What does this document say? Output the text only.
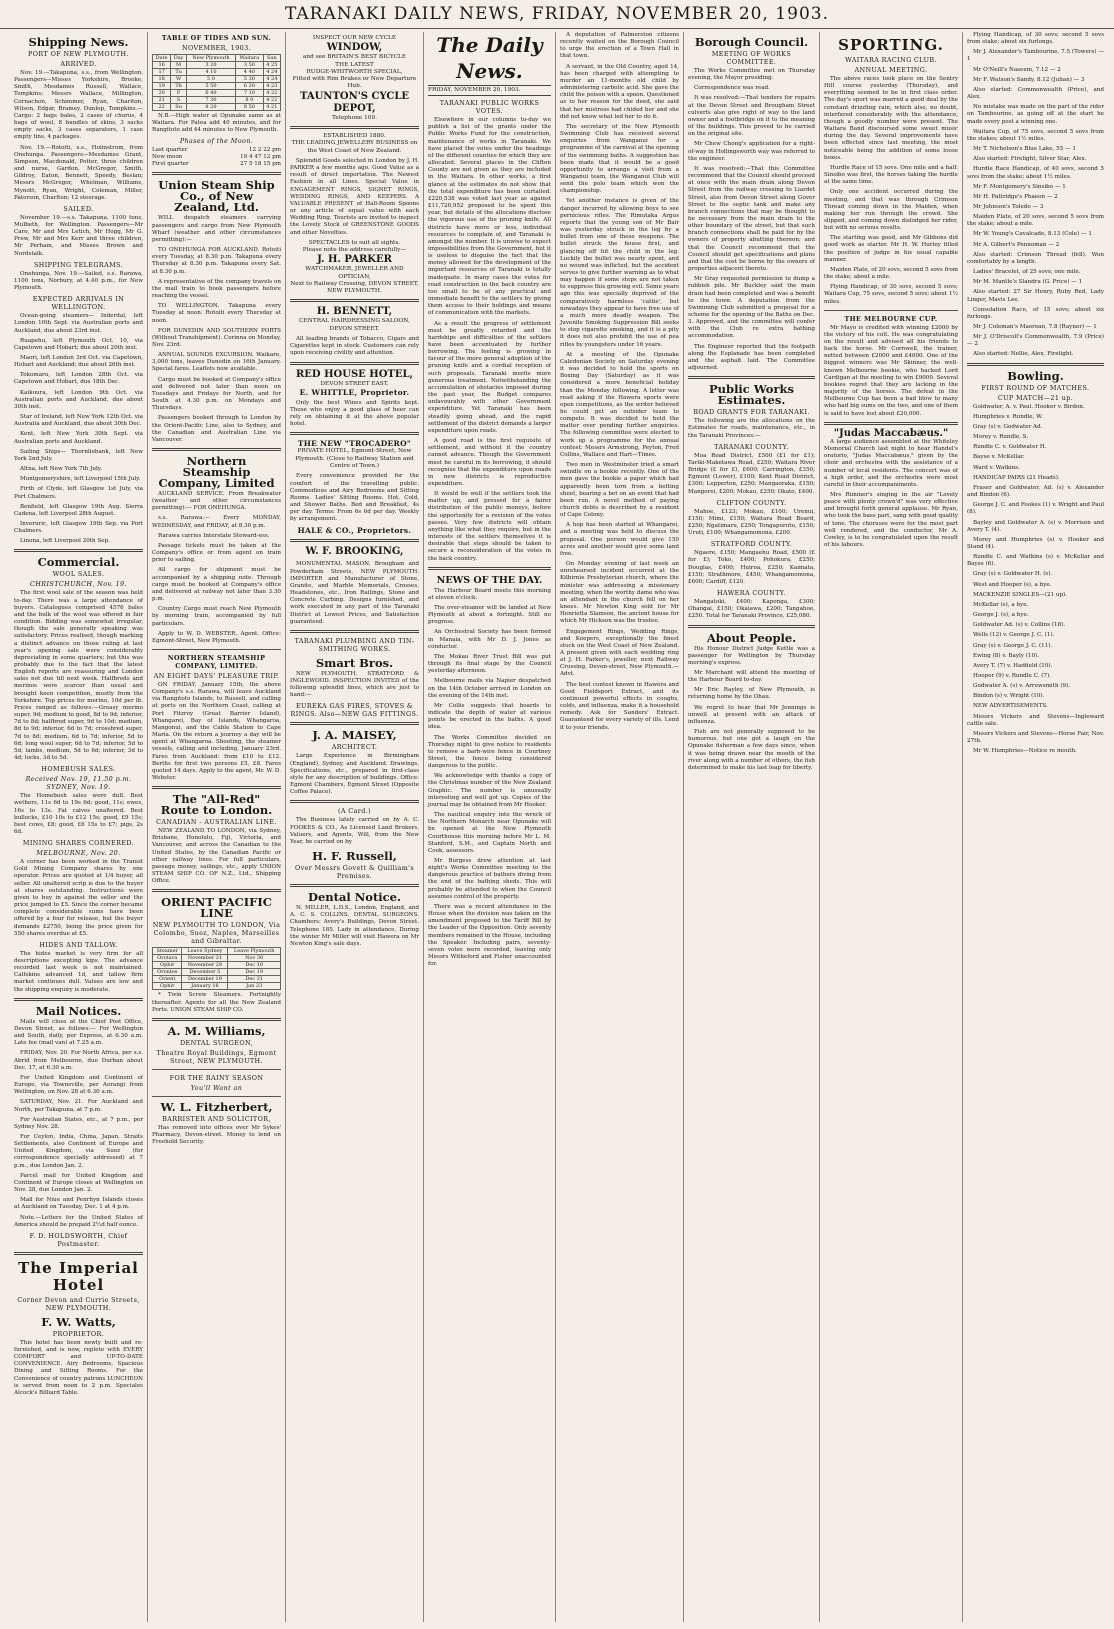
TARANAKI DAILY NEWS, FRIDAY, NOVEMBER 20, 1903.
Shipping News.
PORT OF NEW PLYMOUTH.
ARRIVED.

Nov. 19.—Takapuna, s.s., from Wellington. Passengers—Misses Yorkshire, Brooke, Smith, Mesdames Russell, Wallace, Tompkins; Messrs Wallace, Millington, Cornachon, Schimmer, Ryan, Chariton, Wilson, Edgar, Bramey, Dunlop, Tompkins.—Cargo: 2 bags bales, 2 cases of chorus, 4 bags of wool, 8 bundles of skins, 3 sacks empty sacks, 3 cases separators, 1 case empty tins, 4 packages.

Nov. 19.—Rotoiti, s.s., Holmstrom, from Onehunga. Passengers—Mesdames Grant, Simpson, Macdonald, Potter, three children and nurse, Gardon, McGregor, Smith, Gildroy, Eaton, Bennett, Speedy, Beslan; Messrs McGregor, Whelman, Williams, Mynott, Ryan, Wright, Coleman, Miller, Paterson, Charlton; 12 steerage.

SAILED.

November 19.—s.s. Takapuna, 1100 tons, Mulbeth, for Wellington. Passengers—Mr Caro, Mr and Mrs Letich, Mr Hogg, Mr G. Prew, Mr and Mrs Kerr and three children, Mr Perham, and Misses Brown and Nordstalk.

SHIPPING TELEGRAMS.

Onehunga, Nov. 19.—Sailed, s.s. Rarawa, 1100 tons, Norbury, at 4.40 p.m., for New Plymouth.

EXPECTED ARRIVALS IN WELLINGTON.

Ocean-going steamers— Inderdal, left London 10th Sept. via Australian ports and Auckland, due about 23rd inst.

Ruapehu, left Plymouth Oct. 10, via Capetown and Hobart; due about 20th inst.

Maori, left London 3rd Oct. via Capetown, Hobart and Auckland; due about 26th inst.

Tokomaru, left London 28th Oct. via Capetown and Hobart, due 18th Dec.

Kaikoura, left London 9th Oct. via Australian ports and Auckland, due about 30th inst.

Star of Ireland, left New York 12th Oct. via Australia and Auckland, due about 30th Dec.

Kent, left New York 30th Sept. via Australian ports and Auckland.

Sailing Ships— Thornliebank, left New York 2nd July.

Altna, left New York 7th July.

Montgomeryshire, left Liverpool 15th July.

Firth of Clyde, left Glasgow 1st July, via Port Chalmers.

Benfield, left Glasgow 19th Aug. Sierra Cadena, left Liverpool 28th August.

Inveruric, left Glasgow 19th Sep. via Port Chalmers.

Linona, left Liverpool 20th Sep.

Commercial.
WOOL SALES.
CHRISTCHURCH, Nov. 19.

The first wool sale of the season was held to-day. There was a large attendance of buyers. Catalogues comprised 4576 bales and the bulk of the wool was offered in fair condition. Bidding was somewhat irregular, though the sale generally speaking was satisfactory. Prices realised, though marking a distinct advance on those ruling at last year's opening sale were considerably depreciating in some quarters; but this was probably due to the fact that the latest English reports are reassuring and London sales not due till next week. Halfbreds and merinos were scarcer than usual and brought keen competition, mostly from the Yorkshire. Top prices for merino, 10d per lb. Prices ranged as follows:—Greasy merino super, 9d; medium to good, 8d to 9d; inferior, 7d to 8d; halfbred super, 9d to 10d; medium, 8d to 9d; inferior, 6d to 7d; crossbred super, 7d to 8d; medium, 6d to 7d; inferior, 5d to 6d; long wool super, 6d to 7d; inferior, 5d to 5d; lambs, medium, 5d to 6d; inferior, 3d to 4d; locks, 3d to 5d.

HOMEBUSH SALES.
Received Nov. 19, 11.50 p.m. SYDNEY, Nov. 19.

The Homebush sales were dull. Best wethers, 11s 6d to 19s 6d; good, 11s; ewes, 16s to 13s. Fat calves unaltered. Best bullocks, £10 10s to £12 15s; good, £9 15s; best cows, £8; good, £6 15s to £7; pigs, 2s 6d.

MINING SHARES CORNERED.
MELBOURNE, Nov. 20.

A corner has been worked in the Transit Gold Mining Company shares by one operator. Prices are quoted at 1/4 buyer, all seller. All unaltered scrip is due to the buyer at shares outstanding. Instructions were given to buy in against the seller and the price jumped to £5. Since the corner became complete considerable sums have been offered by a four for release, but the buyer demands £2750, being the price given for 550 shares overdue at £5.

HIDES AND TALLOW.

The hides market is very firm for all descriptions excepting kips. The advance recorded last week is not maintained. Calfskins advanced 1d, and tallow firm market continues dull. Values are low and the shipping enquiry is moderate.

Mail Notices.

Mails will close at the Chief Post Office, Devon Street, as follows:— For Wellington and South, daily, per Express, at 6.30 a.m. Late fee (mail van) at 7.25 a.m.

FRIDAY, Nov. 20. For North Africa, per s.s. Abrid from Melbourne, due Durban about Dec. 17, at 6.30 a.m.

For United Kingdom and Continent of Europe, via Townsville, per Aorangi from Wellington, on Nov. 28 at 6.30 a.m.

SATURDAY, Nov. 21. For Auckland and North, per Takapuna, at 7 p.m.

For Australian States, etc., at 7 p.m., per Sydney Nov. 28.

For Ceylon, India, China, Japan, Straits Settlements, also Continent of Europe and United Kingdom, via Suez (for correspondence specially addressed) at 7 p.m., due London Jan. 2.

Parcel mail for United Kingdom and Continent of Europe closes at Wellington on Nov. 28, due London Jan. 2.

Mail for Niue and Penrhyn Islands closes at Auckland on Tuesday, Dec. 1 at 4 p.m.

Note.—Letters for the United States of America should be prepaid 2½d half ounce.

F. D. HOLDSWORTH, Chief Postmaster.
The Imperial Hotel
Corner Devon and Currie Streets, NEW PLYMOUTH.
F. W. Watts,
PROPRIETOR.

This hotel has been newly built and re-furnished, and is now, replete with EVERY COMFORT and UP-TO-DATE CONVENIENCE. Airy Bedrooms, Spacious Dining and Sitting Rooms. For the Convenience of country patrons LUNCHEON is served from noon to 2 p.m. Speciales Alcock's Billiard Table.

TABLE OF TIDES AND SUN.
NOVEMBER, 1903.
Date	Day	New Plymouth	Waitara	Sun
16	M	3 20	3 50	4 25
17	Tu	4 10	4 40	4 24
18	W	5 0	5 30	4 24
19	Th	5 50	6 20	4 23
20	F	6 40	7 10	4 22
21	S	7 30	8 0	4 22
22	Su	8 20	8 50	4 21

N.B.—High water at Opunake same as at Waitara. For Patea add 40 minutes, and for Rangitoto add 44 minutes to New Plymouth.

Phases of the Moon.
Last quarter	12 2 22 pm
New moon	19 4 47 12 pm
First quarter	27 5 18 15 pm
Union Steam Ship Co., of New Zealand, Ltd.

WILL despatch steamers carrying passengers and cargo from New Plymouth Wharf (weather and other circumstances permitting):—

TO ONEHUNGA FOR AUCKLAND. Rotoiti every Tuesday, at 8.30 p.m. Takapuna every Thursday at 8.30 p.m. Takapuna every Sat. at 8.30 p.m.

A representative of the company travels on the mail train to book passengers before reaching the vessel.

TO WELLINGTON. Takapuna every Tuesday at noon. Rotoiti every Thursday at noon.

FOR DUNEDIN AND SOUTHERN PORTS (Without Transhipment). Corinna on Monday, Nov. 23rd.

ANNUAL SOUNDS EXCURSION. Waikare, 3,000 tons, leaves Dunedin on 16th January. Special fares. Leaflets now available.

Cargo must be booked at Company's office and delivered not later than noon on Tuesdays and Fridays for North, and for South at 4.30 p.m. on Mondays and Thursdays.

Passengers booked through to London by the Orient-Pacific Line, also to Sydney, and the Canadian and Australian Line via Vancouver.

Northern Steamship Company, Limited

AUCKLAND SERVICE. From Breakwater (weather and other circumstances permitting):— FOR ONEHUNGA.

s.s. Rarawa.— Every MONDAY, WEDNESDAY, and FRIDAY, at 8.30 p.m.

Rarawa carries Interstate Steward-ess.

Passage tickets must be taken at the Company's office or from agent on train prior to sailing.

All cargo for shipment must be accompanied by a shipping note. Through cargo must be booked at Company's office and delivered at railway not later than 3.30 p.m.

Country Cargo must reach New Plymouth by morning train, accompanied by full particulars.

Apply to W. D. WEBSTER, Agent. Office: Egmont-Street, New Plymouth.

NORTHERN STEAMSHIP COMPANY, LIMITED.
AN EIGHT DAYS' PLEASURE TRIP.

ON FRIDAY, January 15th, the above Company's s.s. Rarawa, will leave Auckland via Rangitoto Islands, to Russell, and calling at ports on the Northern Coast, calling at Port Fitzroy (Great Barrier Island), Whangarei, Bay of Islands, Whangaroa, Mangonui, and the Cable Station to Cape Maria. On the return a journey a day will be spent at Whangaroa. Shooting, the steamer vessels, calling and including, January 23rd. Fares from Auckland: from £10 to £12. Berths for first two persons £5, £8. Fares quoted 14 days. Apply to the agent, Mr. W. D. Webster.

The "All-Red" Route to London.
CANADIAN - AUSTRALIAN LINE.

NEW ZEALAND TO LONDON, via Sydney, Brisbane, Honolulu, Fiji, Victoria, and Vancouver, and across the Canadian to the United States, by the Canadian Pacific or other railway lines. For full particulars, passage money, sailings, etc., apply UNION STEAM SHIP CO. OF N.Z., Ltd., Shipping Office.

ORIENT PACIFIC LINE
NEW PLYMOUTH TO LONDON, Via Colombo, Suez, Naples, Marseilles and Gibraltar.
Steamer	Leave Sydney	Leave Plymouth
Orotava	November 21	Nov 30
Ophir	November 28	Dec 10
Orontes	December 5	Dec 19
Orient	December 19	Dec 31
Ophir	January 16	Jan 23

* Twin Screw Steamers. Fortnightly thereafter. Agents for all the New Zealand Ports. UNION STEAM SHIP CO.

A. M. Williams,
DENTAL SURGEON,
Theatre Royal Buildings, Egmont Street, NEW PLYMOUTH.
FOR THE RAINY SEASON
You'll Want an
W. L. Fitzherbert,
BARRISTER AND SOLICITOR,

Has removed into offices over Mr Sykes' Pharmacy, Devon-street. Money to lend on Freehold Security.

INSPECT OUR NEW CYCLE
WINDOW,
and see BRITAIN'S BEST BICYCLE
THE LATEST
RUDGE-WHITWORTH SPECIAL,
Fitted with Rim Brakes or New Departure Hub.
TAUNTON'S CYCLE DEPOT,
Telephone 109.
ESTABLISHED 1880.
THE LEADING JEWELLERY BUSINESS on the West Coast of New Zealand.

Splendid Goods selected in London by J. H. PARKER a few months ago. Good Value as a result of direct importation. The Newest Fashion in all Lines. Special Value in ENGAGEMENT RINGS, SIGNET RINGS, WEDDING RINGS, AND KEEPERS. A VALUABLE PRESENT of Hall-Room Spoons or any article of equal value with each Wedding Ring. Tourists are invited to inspect the Lovely Stock of GREENSTONE GOODS and other Novelties.

SPECTACLES to suit all sights.
Please note the address carefully—
J. H. PARKER
WATCHMAKER, JEWELLER AND OPTICIAN,
Next to Railway Crossing, DEVON STREET, NEW PLYMOUTH.
H. BENNETT,
CENTRAL HAIRDRESSING SALOON, DEVON STREET.

All leading brands of Tobacco, Cigars and Cigarettes kept in stock. Customers can rely upon receiving civility and attention.

RED HOUSE HOTEL,
DEVON STREET EAST.
E. WHITTLE, Proprietor.

Only the best Wines and Spirits kept. Those who enjoy a good glass of beer can rely on obtaining it at the above popular hotel.

THE NEW "TROCADERO"
PRIVATE HOTEL, Egmont-Street, New Plymouth. (Close to Railway Station and Centre of Town.)

Every convenience provided for the comfort of the travelling public. Commodious and Airy Bedrooms and Sitting Rooms. Ladies' Sitting Rooms. Hot, Cold, and Shower Baths. Bed and Breakfast, 4s per day. Terms: From 6s 6d per day. Weekly by arrangement.

HALE & CO., Proprietors.
W. F. BROOKING,

MONUMENTAL MASON, Brougham and Powderham Streets, NEW PLYMOUTH. IMPORTER and Manufacturer of Stone, Granite, and Marble Memorials, Crosses, Headstones, etc., Iron Railings, Stone and Concrete Curbing. Designs furnished, and work executed in any part of the Taranaki District at Lowest Prices, and Satisfaction guaranteed.

TARANAKI PLUMBING AND TIN-SMITHING WORKS.
Smart Bros.

NEW PLYMOUTH, STRATFORD & INGLEWOOD. INSPECTION INVITED of the following splendid lines, which are just to hand:—

EUREKA GAS FIRES, STOVES & RINGS. Also—NEW GAS FITTINGS.
J. A. MAISEY,
ARCHITECT.

Large Experience in Birmingham (England), Sydney, and Auckland. Drawings, Specifications, etc., prepared in first-class style for any description of buildings. Office: Egmont Chambers, Egmont Street (Opposite Coffee Palace).

(A Card.)

The Business lately carried on by A. C. FOOKES & CO., As Licensed Land Brokers, Valuers, and Agents, Will, from the New Year, be carried on by

H. F. Russell,
Over Messrs Govett & Quilliam's Premises.
Dental Notice.

N. MILLER, L.D.S., London, England, and A. C. S. COLLINS, DENTAL SURGEONS. Chambers: Avery's Buildings, Devon Street. Telephone 185. Lady in attendance. During the winter Mr Miller will visit Hawera on Mr Newton King's sale days.

The Daily News.
FRIDAY, NOVEMBER 20, 1903.
TARANAKI PUBLIC WORKS VOTES.

Elsewhere in our columns to-day we publish a list of the grants under the Public Works Fund for the construction, maintenance of works in Taranaki. We have placed the votes under the headings of the different counties for which they are allocated. Several places in the Clifton County are not given as they are included in the Waitara. In other works, a first glance at the estimates do not show that the total expenditure has been curtailed. £220,538 was voted last year as against £11,720,952 proposed to be spent this year, but details of the allocations disclose the vigorous use of the pruning knife. All districts have more or less, individual resources to complain of, and Taranaki is amongst the number. It is unwise to expect impossibilities from the Government, but it is useless to disguise the fact that the money allowed for the development of the important resources of Taranaki is totally inadequate. In many cases the votes for road construction in the back country are too small to be of any practical and immediate benefit to the settlers by giving them access to their holdings and means of communication with the markets.

As a result the progress of settlement must be greatly retarded and the hardships and difficulties of the settlers have been accentuated by further borrowing. The feeling is growing in favour of the more general adoption of the pruning knife and a cordial reception of such proposals. Taranaki merits more generous treatment. Notwithstanding the accumulation of obstacles imposed during the past year, the Budget compares unfavourably with other Government expenditure. Yet Taranaki has been steadily going ahead, and the rapid settlement of the district demands a larger expenditure upon roads.

A good road is the first requisite of settlement, and without it the country cannot advance. Though the Government must be careful in its borrowing, it should recognise that the expenditure upon roads in new districts is reproductive expenditure.

It would be well if the settlers took the matter up, and pressed for a fairer distribution of the public moneys, before the opportunity for a revision of the votes passes. Very few districts will obtain anything like what they require, but in the interests of the settlers themselves it is desirable that steps should be taken to secure a reconsideration of the votes in the back country.

NEWS OF THE DAY.

The Harbour Board meets this morning at eleven o'clock.

The over-steamer will be landed at New Plymouth at about a fortnight. Still no progress.

An Orchestral Society has been formed in Manaia, with Mr D. J. Jones as conductor.

The Mokau River Trust Bill was put through its final stage by the Council yesterday afternoon.

Melbourne mails via Napier despatched on the 14th October arrived in London on the evening of the 14th inst.

Mr Collis suggests that boards to indicate the depth of water at various points be erected in the baths. A good idea.

The Works Committee decided on Thursday night to give notice to residents to remove a barb-wire fence in Courtney Street, the fence being considered dangerous to the public.

We acknowledge with thanks a copy of the Christmas number of the New Zealand Graphic. The number is unusually interesting and well got up. Copies of the journal may be obtained from Mr Hooker.

The nautical enquiry into the wreck of the Northern Monarch near Opunake will be opened at the New Plymouth Courthouse this morning before Mr L. M. Stanford, S.M., and Captain North and Cook, assessors.

Mr Burgess drew attention at last night's Works Committee meeting to the dangerous practice of bathers diving from the end of the bathing sheds. This will probably be attended to when the Council assumes control of the property.

There was a record attendance in the House when the division was taken on the amendment proposed to the Tariff Bill by the Leader of the Opposition. Only seventy members remained in the House, including the Speaker. Including pairs, seventy-seven votes were recorded, leaving only Messrs Witheford and Fisher unaccounted for.

A deputation of Palmerston citizens recently waited on the Borough Council to urge the erection of a Town Hall in that town.

A servant, in the Old Country, aged 14, has been charged with attempting to murder an 11-months old child by administering carbolic acid. She gave the child the poison with a spoon. Questioned as to her reason for the deed, she said that her mistress had chided her and she did not know what led her to do it.

The secretary of the New Plymouth Swimming Club has received several enquiries from Wanganui for a programme of the carnival at the opening of the swimming baths. A suggestion has been made that it would be a good opportunity to arrange a visit from a Wanganui team, the Wanganui Club will send the polo team which won the championship.

Yet another instance is given of the danger incurred by allowing boys to see pernicious rifles. The Rimutaka Argus reports that the young son of Mr Bair was yesterday struck in the leg by a bullet from one of these weapons. The bullet struck the house first, and glancing off hit the child in the leg. Luckily the bullet was nearly spent, and no wound was inflicted, but the accident serves to give further warning as to what may happen if some steps are not taken to suppress this growing evil. Some years ago this was specially deprived of the comparatively harmless 'cattie', but nowadays they appear to have free use of a much more deadly weapon. The Juvenile Smoking Suppression Bill seeks to stop cigarette smoking, and it is a pity it does not also prohibit the use of pea rifles by youngsters under 16 years.

At a meeting of the Opunake Caledonian Society on Saturday evening it was decided to hold the sports on Boxing Day (Saturday) as it was considered a more beneficial holiday than the Monday following. A letter was read asking if the Hawera sports were open competitions, as the writer believed he could get an outsider team to compete. It was decided to hold the matter over pending further enquiries. The following committee were elected to work up a programme for the annual contest: Messrs Armstrong, Peyton, Fred Collins, Wallace and Hart—Times.

Two men in Westminster tried a smart swindle on a bookie recently. One of the men gave the bookie a paper which had apparently been torn from a betting sheet, bearing a bet on an event that had been run. A novel method of paying church debts is described by a resident of Cape Colony.

A hop has been started at Whangarei, and a meeting was held to discuss the proposal. One person would give 150 acres and another would give some land free.

On Monday evening of last week an unrehearsed incident occurred at the Kilbirnie Presbyterian church, where the minister was addressing a missionary meeting, when the worthy dame who was an attendant in the church fell on her knees. Mr Newton King sold for Mr Henrietta Slamson, the ancient house for which Mr Hickson was the trustee.

Engagement Rings, Wedding Rings, and Keepers, exceptionally the finest stock on the West Coast of New Zealand. A present given with each wedding ring at J. H. Parker's, jeweller, next Railway Crossing, Devon-street, New Plymouth.—Advt.

The best contest known in Hawera and Good Fieldsport Extract, and its continued powerful effects in coughs, colds, and influenza, make it a household remedy. Ask for Sanders' Extract. Guaranteed for every variety of ills. Lend it to your friends.

Borough Council.
MEETING OF WORKS COMMITTEE.

The Works Committee met on Thursday evening, the Mayor presiding.

Correspondence was read.

It was resolved:—That tenders for repairs at the Devon Street and Brougham Street culverts also give right of way to the land owner and a footbridge on it to the meaning of the buildings. This proved to be carried on the original site.

Mr Chew Chong's application for a right-of-way in Hollingsworth way was referred to the engineer.

It was resolved:—That this Committee recommend that the Council should proceed at once with the main drain along Devon Street from the railway crossing to Liardet Street, also from Devon Street along Gover Street to the septic tank and make any branch connections that may be thought to be necessary from the main drain to the other boundary of the street, but that such branch connections shall be paid for by the owners of property abutting thereon; and that the Council recommend that the Council should get specifications and plans and that the cost be borne by the owners of properties adjacent thereto.

Mr Gray requested permission to dump a rubbish pile. Mr Buckley said the main drain had been completed and was a benefit to the town. A deputation from the Swimming Club submitted a proposal for a scheme for the opening of the Baths on Dec. 3. Approved, and the committee will confer with the Club re extra bathing accommodation.

The Engineer reported that the footpath along the Esplanade has been completed and the asphalt laid. The Committee adjourned.

Public Works Estimates.
ROAD GRANTS FOR TARANAKI.

The following are the allocations on the Estimates for roads, maintenance, etc., in the Taranaki Provinces:—

TARANAKI COUNTY.

Moa Road District, £500 (£1 for £1); Tariki-Maketawa Road, £250; Waitara River Bridge (£ for £), £600; Carrington, £350; Egmont (Lower), £100; Kent Road District, £300; Lepperton, £250; Mangaoraka, £150; Mangorei, £200; Mokau, £250; Okato, £400.

CLIFTON COUNTY.

Mahoe, £123; Mokau, £100; Urenui, £150; Mimi, £150; Waitara Road Board, £250; Ngatimaru, £250; Tongaporutu, £150; Uruti, £100; Whangamomona, £200.

STRATFORD COUNTY.

Ngaere, £150; Mangaehu Road, £500 (£ for £); Toko, £400; Pohokura, £250; Douglas, £400; Huiroa, £250; Kaimata, £150; Strathmore, £450; Whangamomona, £600; Cardiff, £120.

HAWERA COUNTY.

Mangatoki, £400; Kaponga, £300; Ohangai, £150; Okaiawa, £200; Tangahoe, £250. Total for Taranaki Province, £25,080.

About People.

His Honour District Judge Kettle was a passenger for Wellington by Thursday morning's express.

Mr Marchant will attend the meeting of the Harbour Board to-day.

Mr Eric Rayley, of New Plymouth, is returning home by the Ohau.

We regret to hear that Mr Jennings is unwell at present with an attack of influenza.

Fish are not generally supposed to be humorous, but one got a laugh on the Opunake fisherman a few days since, when it was being drawn near the mouth of the river along with a number of others, the fish determined to make his last leap for liberty.

SPORTING.
WAITARA RACING CLUB.
ANNUAL MEETING.

The above races took place on the Sentry Hill course yesterday (Thursday), and everything seemed to be in first class order. The day's sport was marred a good deal by the constant drizzling rain, which also, no doubt, interfered considerably with the attendance, though a goodly number were present. The Waitara Band discoursed some sweet music during the day. Several improvements have been effected since last meeting, the most noticeable being the addition of some loose boxes.

Hurdle Race of 15 sovs. One mile and a half. Sinsibo was first, the horses taking the hurdle at the same time.

Only one accident occurred during the meeting, and that was through Crimson Thread coming down in the Maiden, when making her run through the crowd. She slipped, and coming down dislodged her rider, but with no serious results.

The starting was good, and Mr Gibbons did good work as starter. Mr H. W. Hurley filled the position of judge in his usual capable manner.

Maiden Plate, of 20 sovs, second 5 sovs from the stake; about a mile.

Flying Handicap, of 30 sovs, second 5 sovs; Waitara Cup, 75 sovs, second 5 sovs; about 1½ miles.

THE MELBOURNE CUP.

Mr Mayo is credited with winning £2000 by the victory of his colt. He was congratulating on the result and advised all his friends to back the horse. Mr Cornwell, the trainer, netted between £2000 and £4000. One of the biggest winners was Mr Skinner, the well-known Melbourne bookie, who backed Lord Cardigan at the meeting to win £9000. Several bookies regret that they are lacking in the majority of the horses. The defeat in the Melbourne Cup has been a bad blow to many who had big sums on the two, and one of them is said to have lost about £20,000.

"Judas Maccabæus."

A large audience assembled at the Whiteley Memorial Church last night to hear Handel's oratorio, "Judas Maccabæus," given by the choir and orchestra with the assistance of a number of local residents. The concert was of a high order, and the orchestra were most careful in their accompaniments.

Mrs Rimmer's singing in the air "Lovely peace with plenty crown'd" was very effective and brought forth general applause. Mr Ryan, who took the bass part, sang with good quality of tone. The choruses were for the most part well rendered, and the conductor, Mr A. Cowley, is to be congratulated upon the result of his labours.

Flying Handicap, of 30 sovs; second 5 sovs from stake; about six furlongs.

Mr J. Alexander's Tambourine, 7.5 (Towers) — 1

Mr O'Neill's Naseem, 7.12 — 2

Mr F. Watson's Sandy, 8.12 (Julian) — 3

Also started: Commonwealth (Price), and Alex.

No mistake was made on the part of the rider on Tambourine, as going off at the start he made every post a winning one.

Waitara Cup, of 75 sovs, second 5 sovs from the stakes; about 1½ miles.

Mr T. Nicholson's Blue Lake, 55 — 1

Also started: Firelight, Silver Star, Alex.

Hurdle Race Handicap, of 40 sovs, second 5 sovs from the stake; about 1½ miles.

Mr F. Montgomery's Sinsibo — 1

Mr H. Pattridge's Phaeon — 2

Mr Johnson's Toledo — 3

Maiden Plate, of 20 sovs, second 5 sovs from the stake; about a mile.

Mr W. Young's Cavalcade, 8.13 (Cole) — 1

Mr A. Gilbert's Pennoman — 2

Also started: Crimson Thread (fell). Won comfortably by a length.

Ladies' Bracelet, of 25 sovs; one mile.

Mr M. Mantle's Slandra (G. Price) — 1

Also started: 27 Sir Henry, Ruby Red, Lady Linger, Mavis Lee.

Consolation Race, of 15 sovs; about six furlongs.

Mr J. Coleman's Maorean, 7.8 (Rayner) — 1

Mr J. O'Driscoll's Commonwealth, 7.9 (Price) — 2

Also started: Nellie, Alex, Firelight.

Bowling.
FIRST ROUND OF MATCHES.
CUP MATCH—21 up.

Goldwater, A. v. Paul. Hooker v. Birdon.

Humphries v. Rundle, W.

Gray (s) v. Godwater Ad.

Morey v. Rundle, S.

Rundle C. v. Goldwater H.

Bayse v. McKellar.

Ward v. Watkins.

HANDICAP PAIRS (21 Heads).

Fraser and Goldwater, Ad. (s) v. Alexander and Bindon (6).

George J. C. and Fookes (1) v. Wright and Paul (8).

Bayley and Goldwater A. (s) v. Morrison and Avery T. (4).

Morey and Humphries (s) v. Hooker and Stand (4).

Rundle C. and Watkins (s) v. McKellar and Bayse (6).

Gray (s) v. Goldwater H. (s).

West and Hooper (s), a bye.

MACKENZIE SINGLES—(21 up).

McKellar (s), a bye.

George J. (s), a bye.

Goldwater Ad. (s) v. Collins (18).

Wells (12) v. George J. C. (1).

Gray (s) v. George J. C. (11).

Ewing (8) v. Bayly (10).

Avery T. (7) v. Hadfield (10).

Hooper (9) v. Rundle C. (7).

Godwater A. (s) v. Arrowsmith (9).

Bindon (s) v. Wright (10).

NEW ADVERTISEMENTS.

Messrs Vickers and Stevens—Ingleward cattle sale.

Messrs Vickers and Stevens—Horse Fair, Nov. 27th.

Mr W. Humphries—Notice re mouth.
